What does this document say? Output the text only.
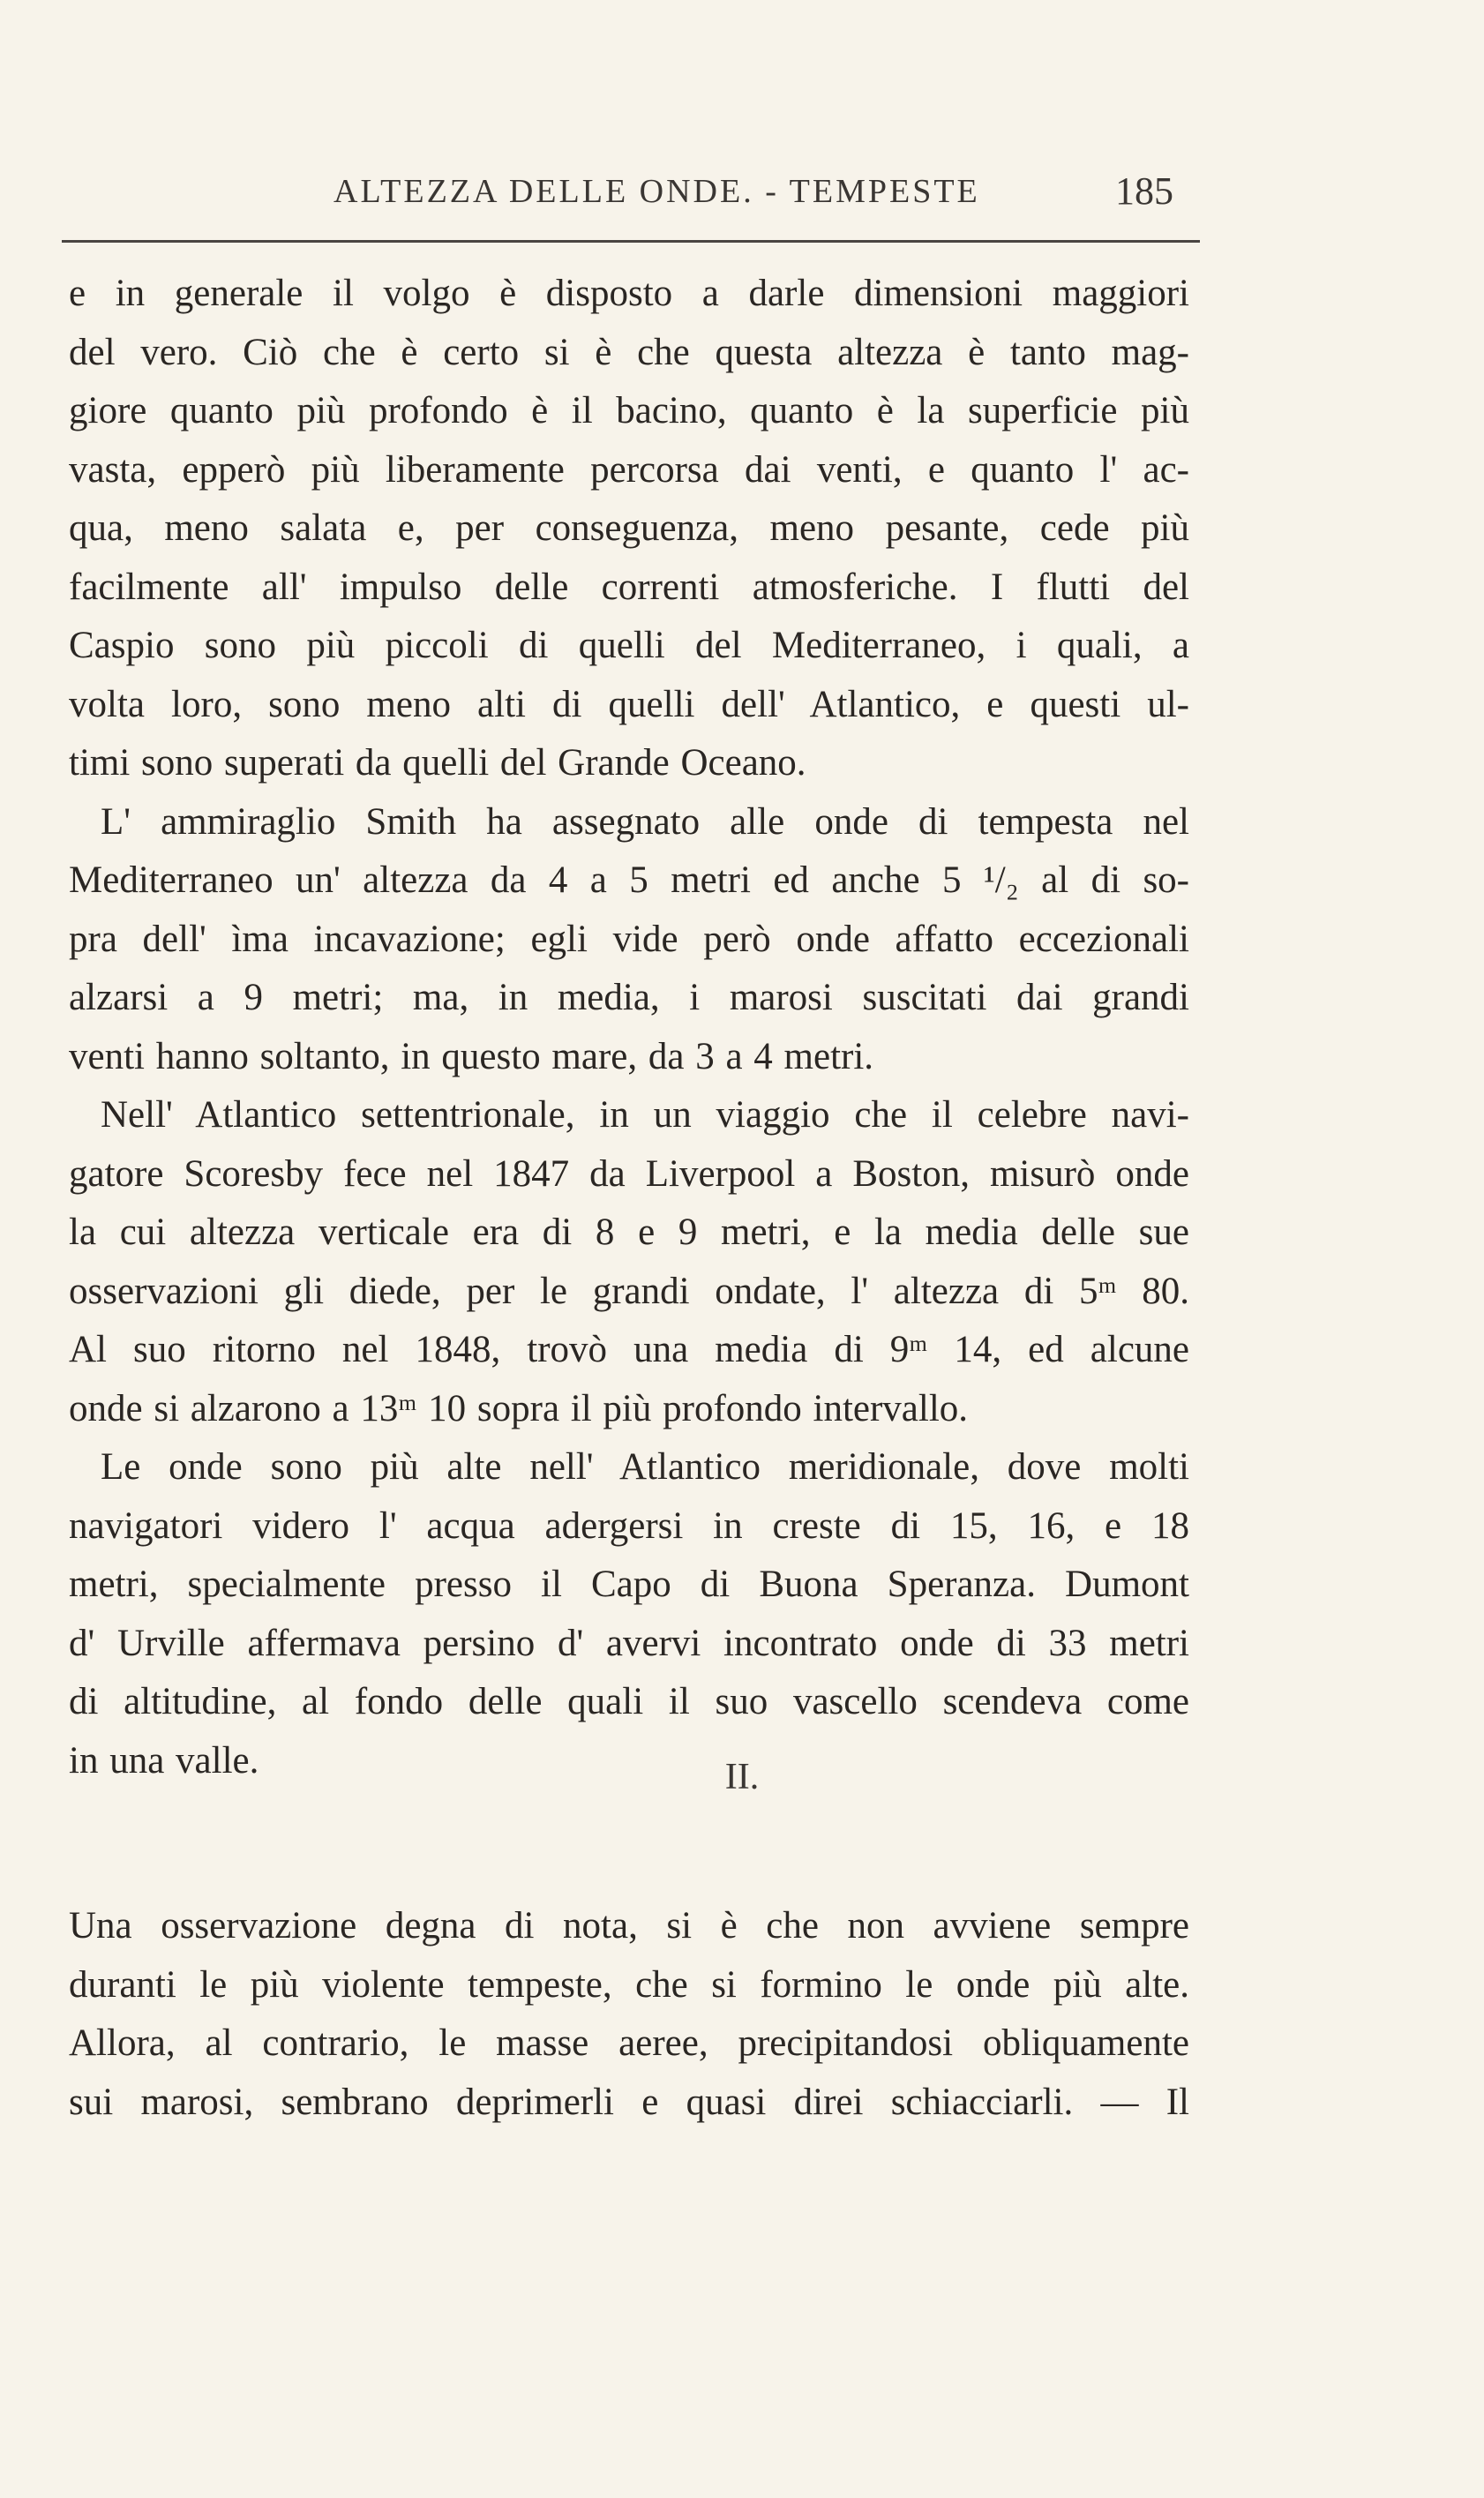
ALTEZZA DELLE ONDE. - TEMPESTE	185
e in generale il volgo è disposto a darle dimensioni maggiori
del vero. Ciò che è certo si è che questa altezza è tanto mag-
giore quanto più profondo è il bacino, quanto è la superficie più
vasta, epperò più liberamente percorsa dai venti, e quanto l' ac-
qua, meno salata e, per conseguenza, meno pesante, cede più
facilmente all' impulso delle correnti atmosferiche. I flutti del
Caspio sono più piccoli di quelli del Mediterraneo, i quali, a
volta loro, sono meno alti di quelli dell' Atlantico, e questi ul-
timi sono superati da quelli del Grande Oceano.
L' ammiraglio Smith ha assegnato alle onde di tempesta nel
Mediterraneo un' altezza da 4 a 5 metri ed anche 5 ¹/₂ al di so-
pra dell' ìma incavazione; egli vide però onde affatto eccezionali
alzarsi a 9 metri; ma, in media, i marosi suscitati dai grandi
venti hanno soltanto, in questo mare, da 3 a 4 metri.
Nell' Atlantico settentrionale, in un viaggio che il celebre navi-
gatore Scoresby fece nel 1847 da Liverpool a Boston, misurò onde
la cui altezza verticale era di 8 e 9 metri, e la media delle sue
osservazioni gli diede, per le grandi ondate, l' altezza di 5ᵐ 80.
Al suo ritorno nel 1848, trovò una media di 9ᵐ 14, ed alcune
onde si alzarono a 13ᵐ 10 sopra il più profondo intervallo.
Le onde sono più alte nell' Atlantico meridionale, dove molti
navigatori videro l' acqua adergersi in creste di 15, 16, e 18
metri, specialmente presso il Capo di Buona Speranza. Dumont
d' Urville affermava persino d' avervi incontrato onde di 33 metri
di altitudine, al fondo delle quali il suo vascello scendeva come
in una valle.	II.
Una osservazione degna di nota, si è che non avviene sempre
duranti le più violente tempeste, che si formino le onde più alte.
Allora, al contrario, le masse aeree, precipitandosi obliquamente
sui marosi, sembrano deprimerli e quasi direi schiacciarli. — Il
